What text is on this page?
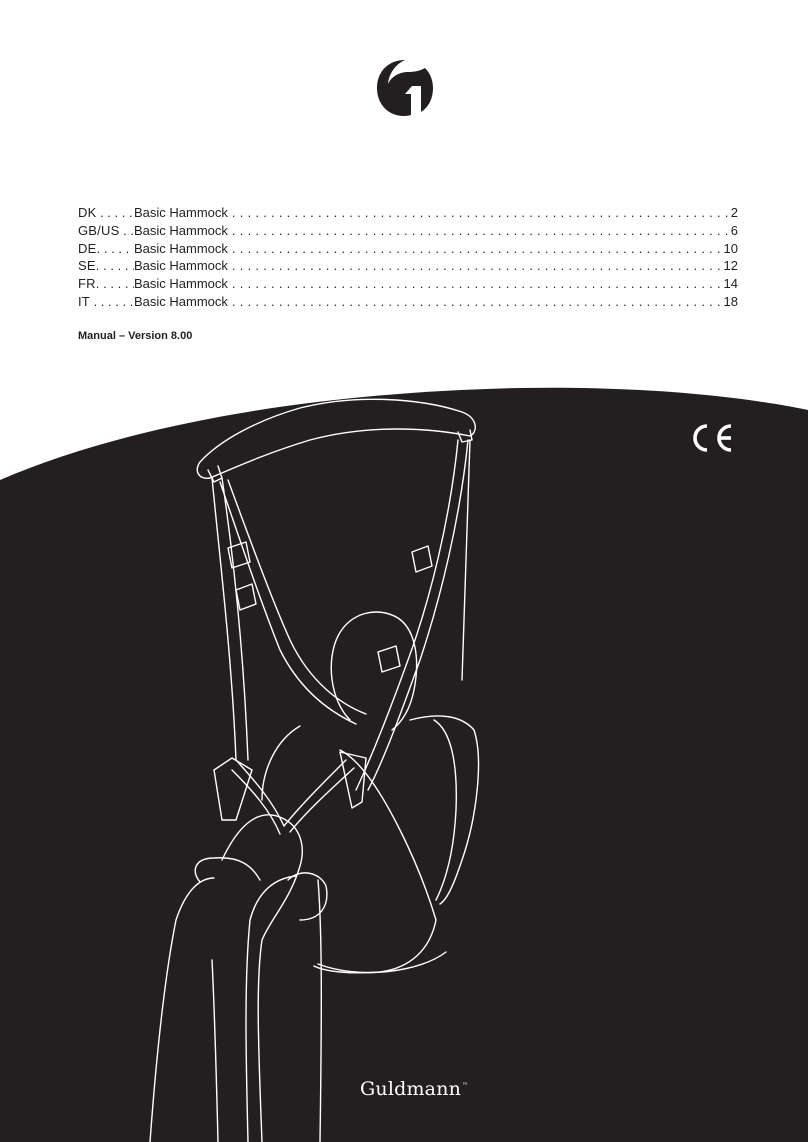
DK . . .	Basic Hammock . . .	2
GB/US . . .	Basic Hammock . . .	6
DE. . . .	Basic Hammock . . .	10
SE. . . .	Basic Hammock . . .	12
FR. . . .	Basic Hammock . . .	14
IT . . .	Basic Hammock . . .	18
Manual – Version 8.00
Guldmann™
